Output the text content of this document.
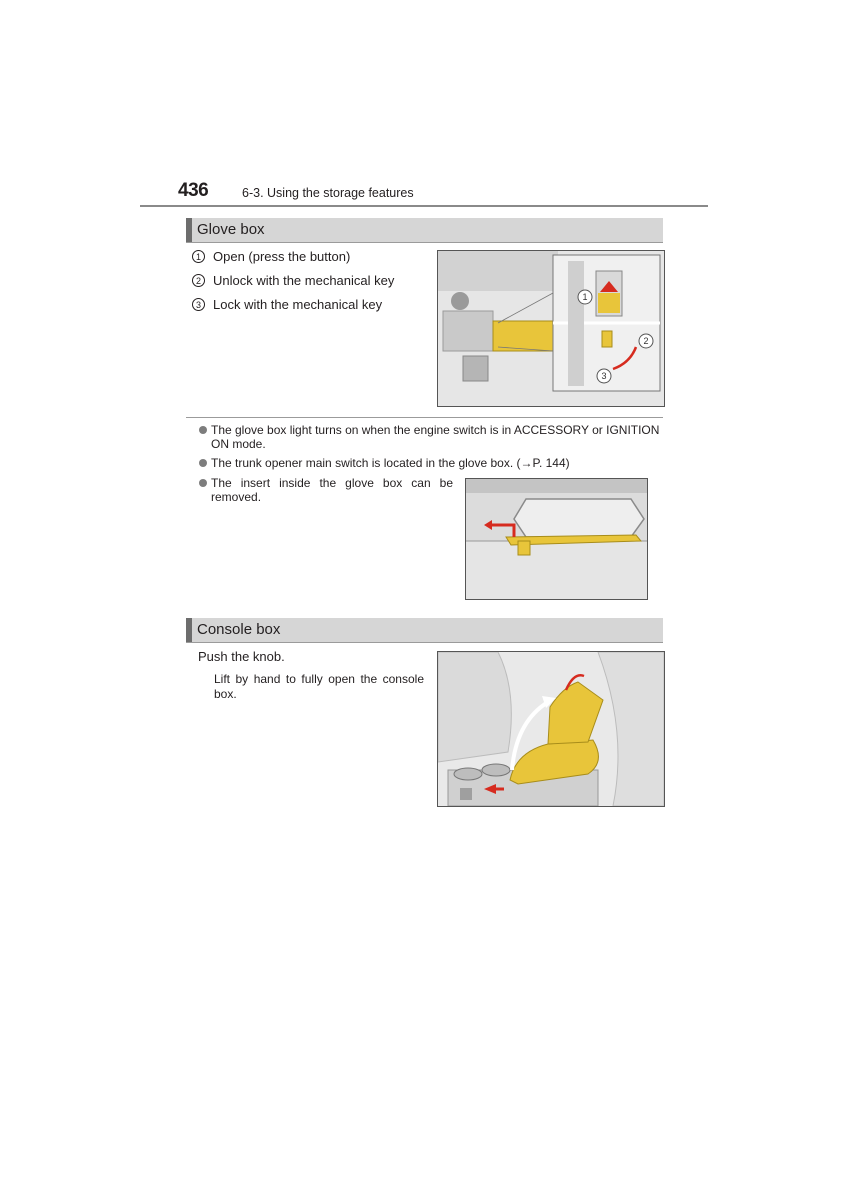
436	6-3. Using the storage features
Glove box
1 Open (press the button)
2 Unlock with the mechanical key
3 Lock with the mechanical key	1
2
3
The glove box light turns on when the engine switch is in ACCESSORY or IGNITION
ON mode.
The trunk opener main switch is located in the glove box. (→P. 144)
The insert inside the glove box can be
removed.
Console box
Push the knob.
Lift by hand to fully open the console
box.
